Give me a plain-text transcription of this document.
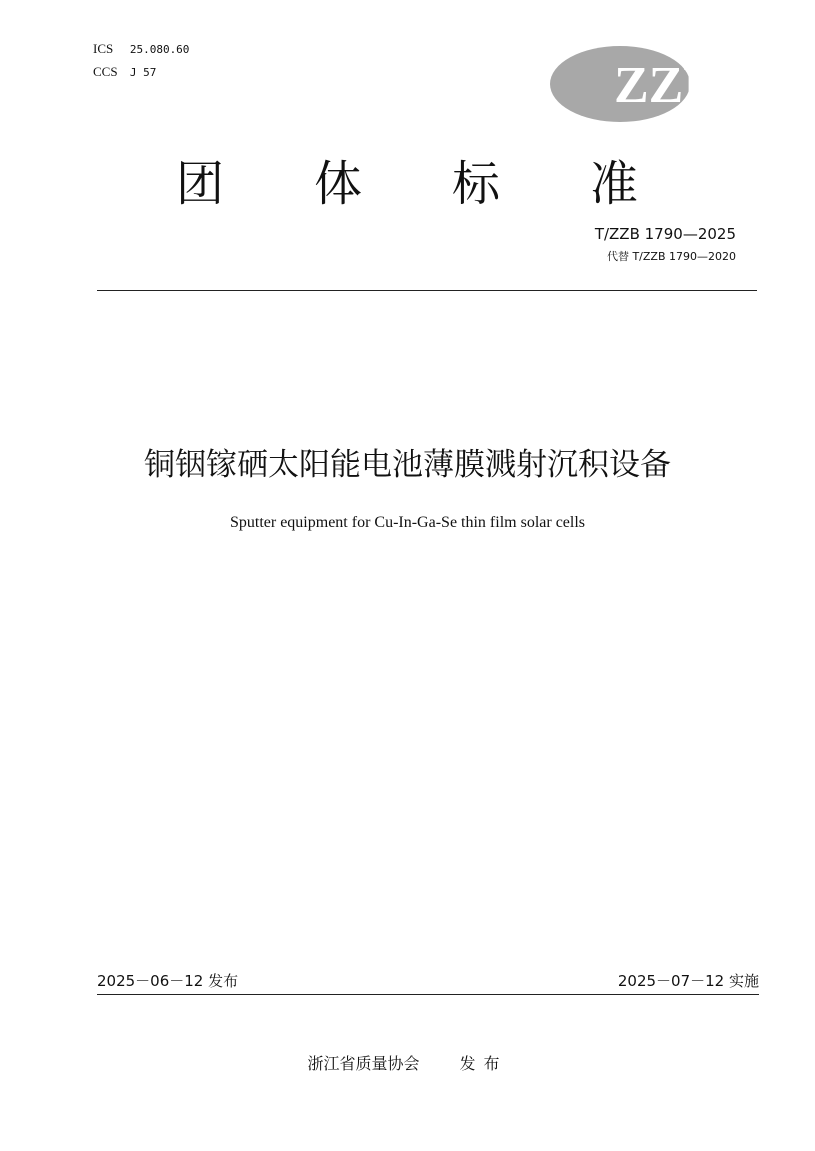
ICS 25.080.60
CCS J 57	ZZB
团 体 标 准
T/ZZB 1790—2025
代替 T/ZZB 1790—2020
铜铟镓硒太阳能电池薄膜溅射沉积设备
Sputter equipment for Cu-In-Ga-Se thin film solar cells
2025－06－12 发布	2025－07－12 实施
浙江省质量协会	发布
